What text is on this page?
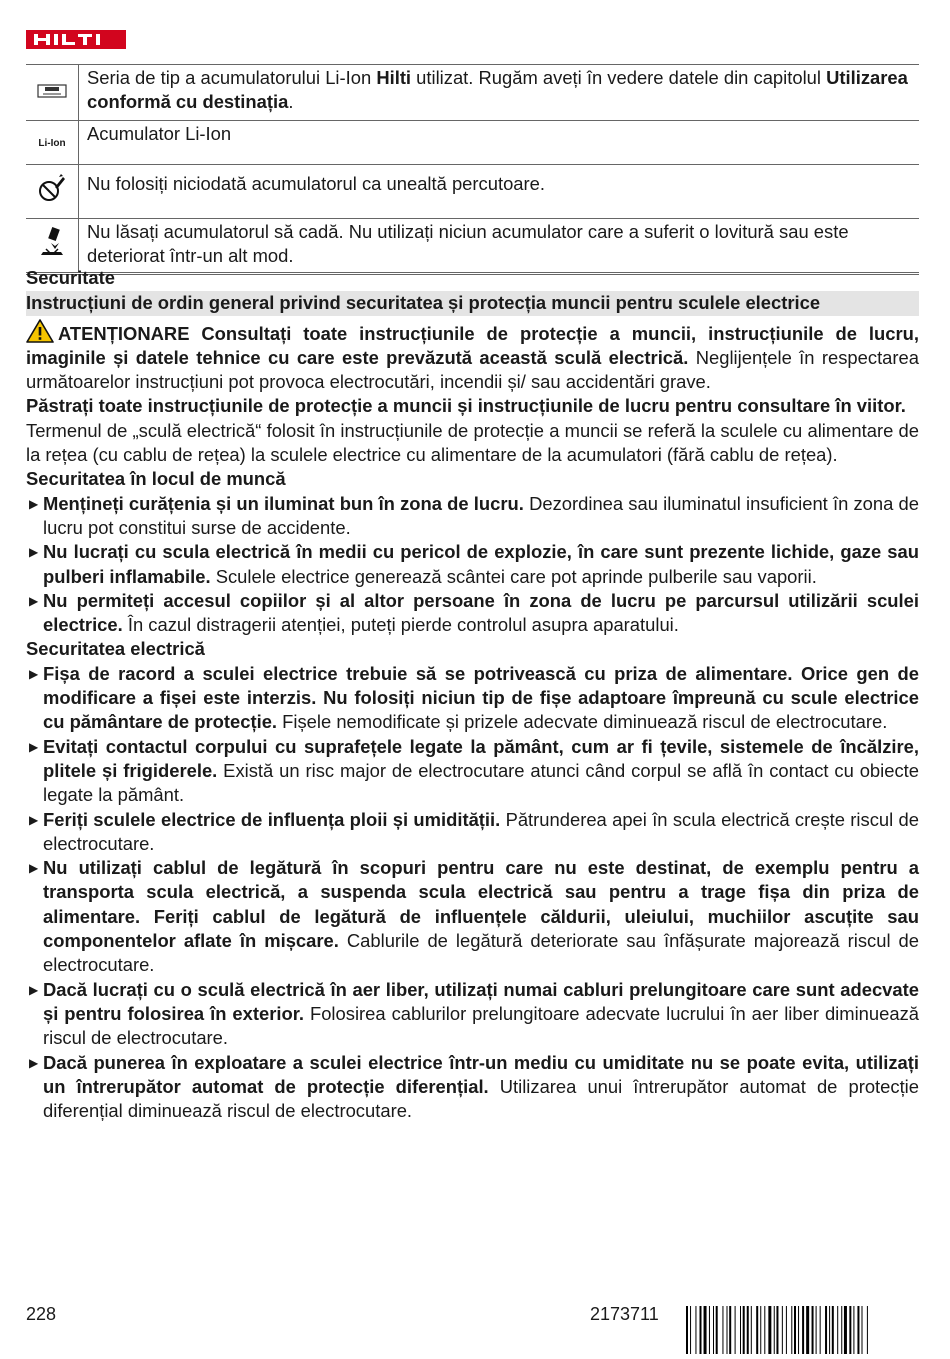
	Seria de tip a acumulatorului Li-Ion Hilti utilizat. Rugăm aveți în vedere datele din capitolul Utilizarea conformă cu destinația.
Li-Ion	Acumulator Li-Ion
	Nu folosiți niciodată acumulatorul ca unealtă percutoare.
	Nu lăsați acumulatorul să cadă. Nu utilizați niciun acumulator care a suferit o lovitură sau este deteriorat într-un alt mod.
Securitate
Instrucțiuni de ordin general privind securitatea și protecția muncii pentru sculele electrice

ATENȚIONARE Consultați toate instrucțiunile de protecție a muncii, instrucțiunile de lucru, imaginile și datele tehnice cu care este prevăzută această sculă electrică. Neglijențele în respectarea următoarelor instrucțiuni pot provoca electrocutări, incendii și/ sau accidentări grave.

Păstrați toate instrucțiunile de protecție a muncii și instrucțiunile de lucru pentru consultare în viitor.

Termenul de „sculă electrică“ folosit în instrucțiunile de protecție a muncii se referă la sculele cu alimentare de la rețea (cu cablu de rețea) la sculele electrice cu alimentare de la acumulatori (fără cablu de rețea).

Securitatea în locul de muncă
▶ Mențineți curățenia și un iluminat bun în zona de lucru. Dezordinea sau iluminatul insuficient în zona de lucru pot constitui surse de accidente.
▶ Nu lucrați cu scula electrică în medii cu pericol de explozie, în care sunt prezente lichide, gaze sau pulberi inflamabile. Sculele electrice generează scântei care pot aprinde pulberile sau vaporii.
▶ Nu permiteți accesul copiilor și al altor persoane în zona de lucru pe parcursul utilizării sculei electrice. În cazul distragerii atenției, puteți pierde controlul asupra aparatului.
Securitatea electrică
▶ Fișa de racord a sculei electrice trebuie să se potrivească cu priza de alimentare. Orice gen de modificare a fișei este interzis. Nu folosiți niciun tip de fișe adaptoare împreună cu scule electrice cu pământare de protecție. Fișele nemodificate și prizele adecvate diminuează riscul de electrocutare.
▶ Evitați contactul corpului cu suprafețele legate la pământ, cum ar fi țevile, sistemele de încălzire, plitele și frigiderele. Există un risc major de electrocutare atunci când corpul se află în contact cu obiecte legate la pământ.
▶ Feriți sculele electrice de influența ploii și umidității. Pătrunderea apei în scula electrică crește riscul de electrocutare.
▶ Nu utilizați cablul de legătură în scopuri pentru care nu este destinat, de exemplu pentru a transporta scula electrică, a suspenda scula electrică sau pentru a trage fișa din priza de alimentare. Feriți cablul de legătură de influențele căldurii, uleiului, muchiilor ascuțite sau componentelor aflate în mișcare. Cablurile de legătură deteriorate sau înfășurate majorează riscul de electrocutare.
▶ Dacă lucrați cu o sculă electrică în aer liber, utilizați numai cabluri prelungitoare care sunt adecvate și pentru folosirea în exterior. Folosirea cablurilor prelungitoare adecvate lucrului în aer liber diminuează riscul de electrocutare.
▶ Dacă punerea în exploatare a sculei electrice într-un mediu cu umiditate nu se poate evita, utilizați un întrerupător automat de protecție diferențial. Utilizarea unui întrerupător automat de protecție diferențial diminuează riscul de electrocutare.
228	2173711
